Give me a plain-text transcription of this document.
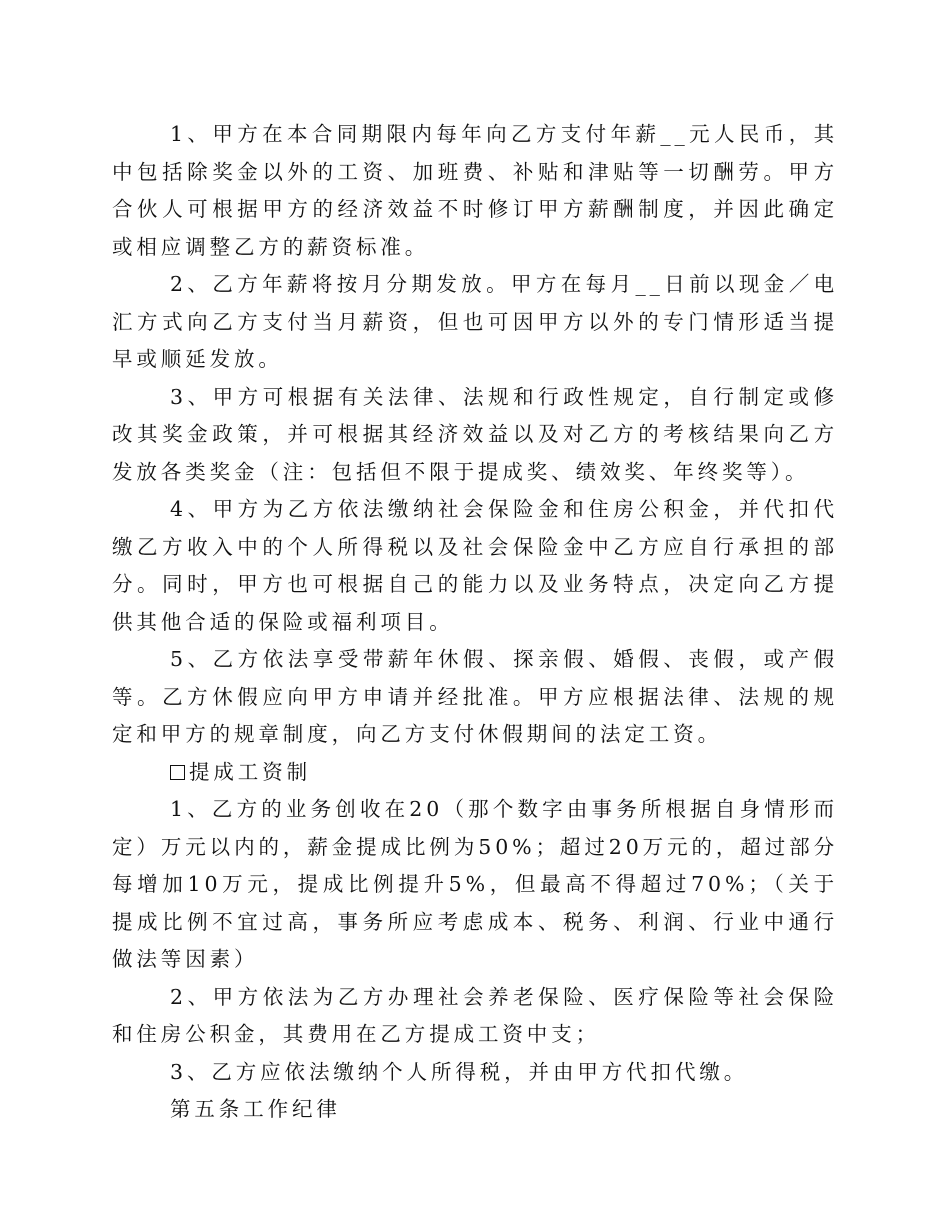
1、甲方在本合同期限内每年向乙方支付年薪__元人民币，其中包括除奖金以外的工资、加班费、补贴和津贴等一切酬劳。甲方合伙人可根据甲方的经济效益不时修订甲方薪酬制度，并因此确定或相应调整乙方的薪资标准。

2、乙方年薪将按月分期发放。甲方在每月__日前以现金／电汇方式向乙方支付当月薪资，但也可因甲方以外的专门情形适当提早或顺延发放。

3、甲方可根据有关法律、法规和行政性规定，自行制定或修改其奖金政策，并可根据其经济效益以及对乙方的考核结果向乙方发放各类奖金（注：包括但不限于提成奖、绩效奖、年终奖等）。

4、甲方为乙方依法缴纳社会保险金和住房公积金，并代扣代缴乙方收入中的个人所得税以及社会保险金中乙方应自行承担的部分。同时，甲方也可根据自己的能力以及业务特点，决定向乙方提供其他合适的保险或福利项目。

5、乙方依法享受带薪年休假、探亲假、婚假、丧假，或产假等。乙方休假应向甲方申请并经批准。甲方应根据法律、法规的规定和甲方的规章制度，向乙方支付休假期间的法定工资。

提成工资制

1、乙方的业务创收在20（那个数字由事务所根据自身情形而定）万元以内的，薪金提成比例为50%；超过20万元的，超过部分每增加10万元，提成比例提升5%，但最高不得超过70%；（关于提成比例不宜过高，事务所应考虑成本、税务、利润、行业中通行做法等因素）

2、甲方依法为乙方办理社会养老保险、医疗保险等社会保险和住房公积金，其费用在乙方提成工资中支；

3、乙方应依法缴纳个人所得税，并由甲方代扣代缴。

第五条工作纪律
